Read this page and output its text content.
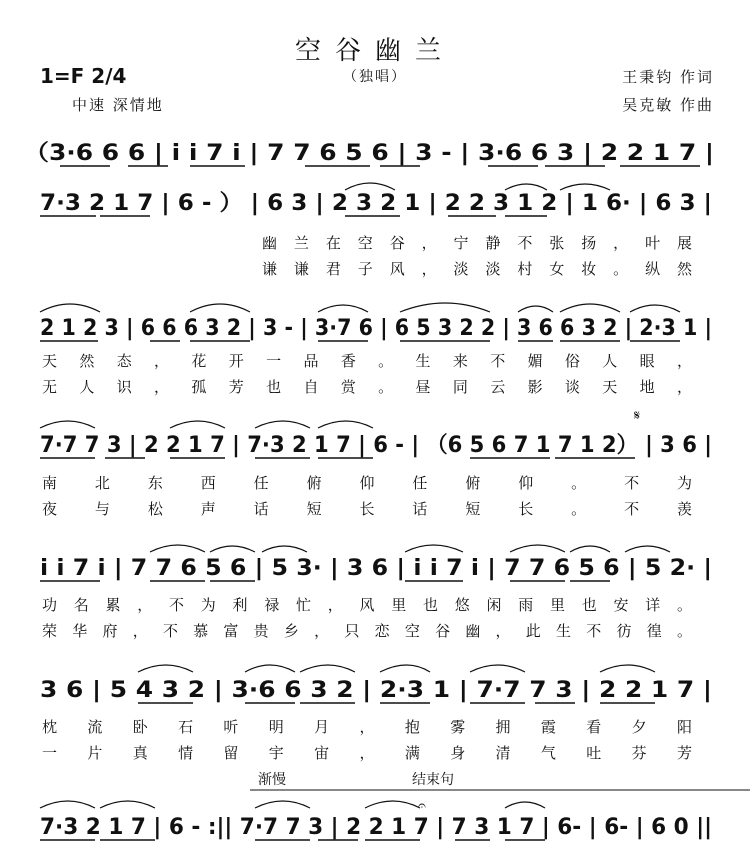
空谷幽兰
（独唱）
1=F 2/4
中速 深情地
王秉钧 作词
吴克敏 作曲
（3·6 6 6 | i i 7 i | 7 7 6 5 6 | 3 - | 3·6 6 3 | 2 2 1 7 |
7·3 2 1 7 | 6 - ） | 6 3 | 2 3 2 1 | 2 2 3 1 2 | 1 6· | 6 3 |
幽兰在空谷，宁静不张扬，叶展
谦谦君子风，淡淡村女妆。纵然
2 1 2 3 | 6 6 6 3 2 | 3 - | 3·7 6 | 6 5 3 2 2 | 3 6 6 3 2 | 2·3 1 |
天然态，花开一品香。生来不媚俗人眼，
无人识，孤芳也自赏。昼同云影谈天地，
𝄋
7·7 7 3 | 2 2 1 7 | 7·3 2 1 7 | 6 - | （6 5 6 7 1 7 1 2） | 3 6 |
南北东西任俯仰任俯仰。不为
夜与松声话短长话短长。不羡
i i 7 i | 7 7 6 5 6 | 5 3· | 3 6 | i i 7 i | 7 7 6 5 6 | 5 2· |
功名累，不为利禄忙，风里也悠闲雨里也安详。
荣华府，不慕富贵乡，只恋空谷幽，此生不彷徨。
3 6 | 5 4 3 2 | 3·6 6 3 2 | 2·3 1 | 7·7 7 3 | 2 2 1 7 |
枕流卧石听明月，抱雾拥霞看夕阳
一片真情留宇宙，满身清气吐芬芳
渐慢	结束句
7·3 2 1 7 | 6 - :|| 7·7 7 3 | 2 2 1 7 | 7 3 1 7 | 6- | 6- | 6 0 ||
𝄐
